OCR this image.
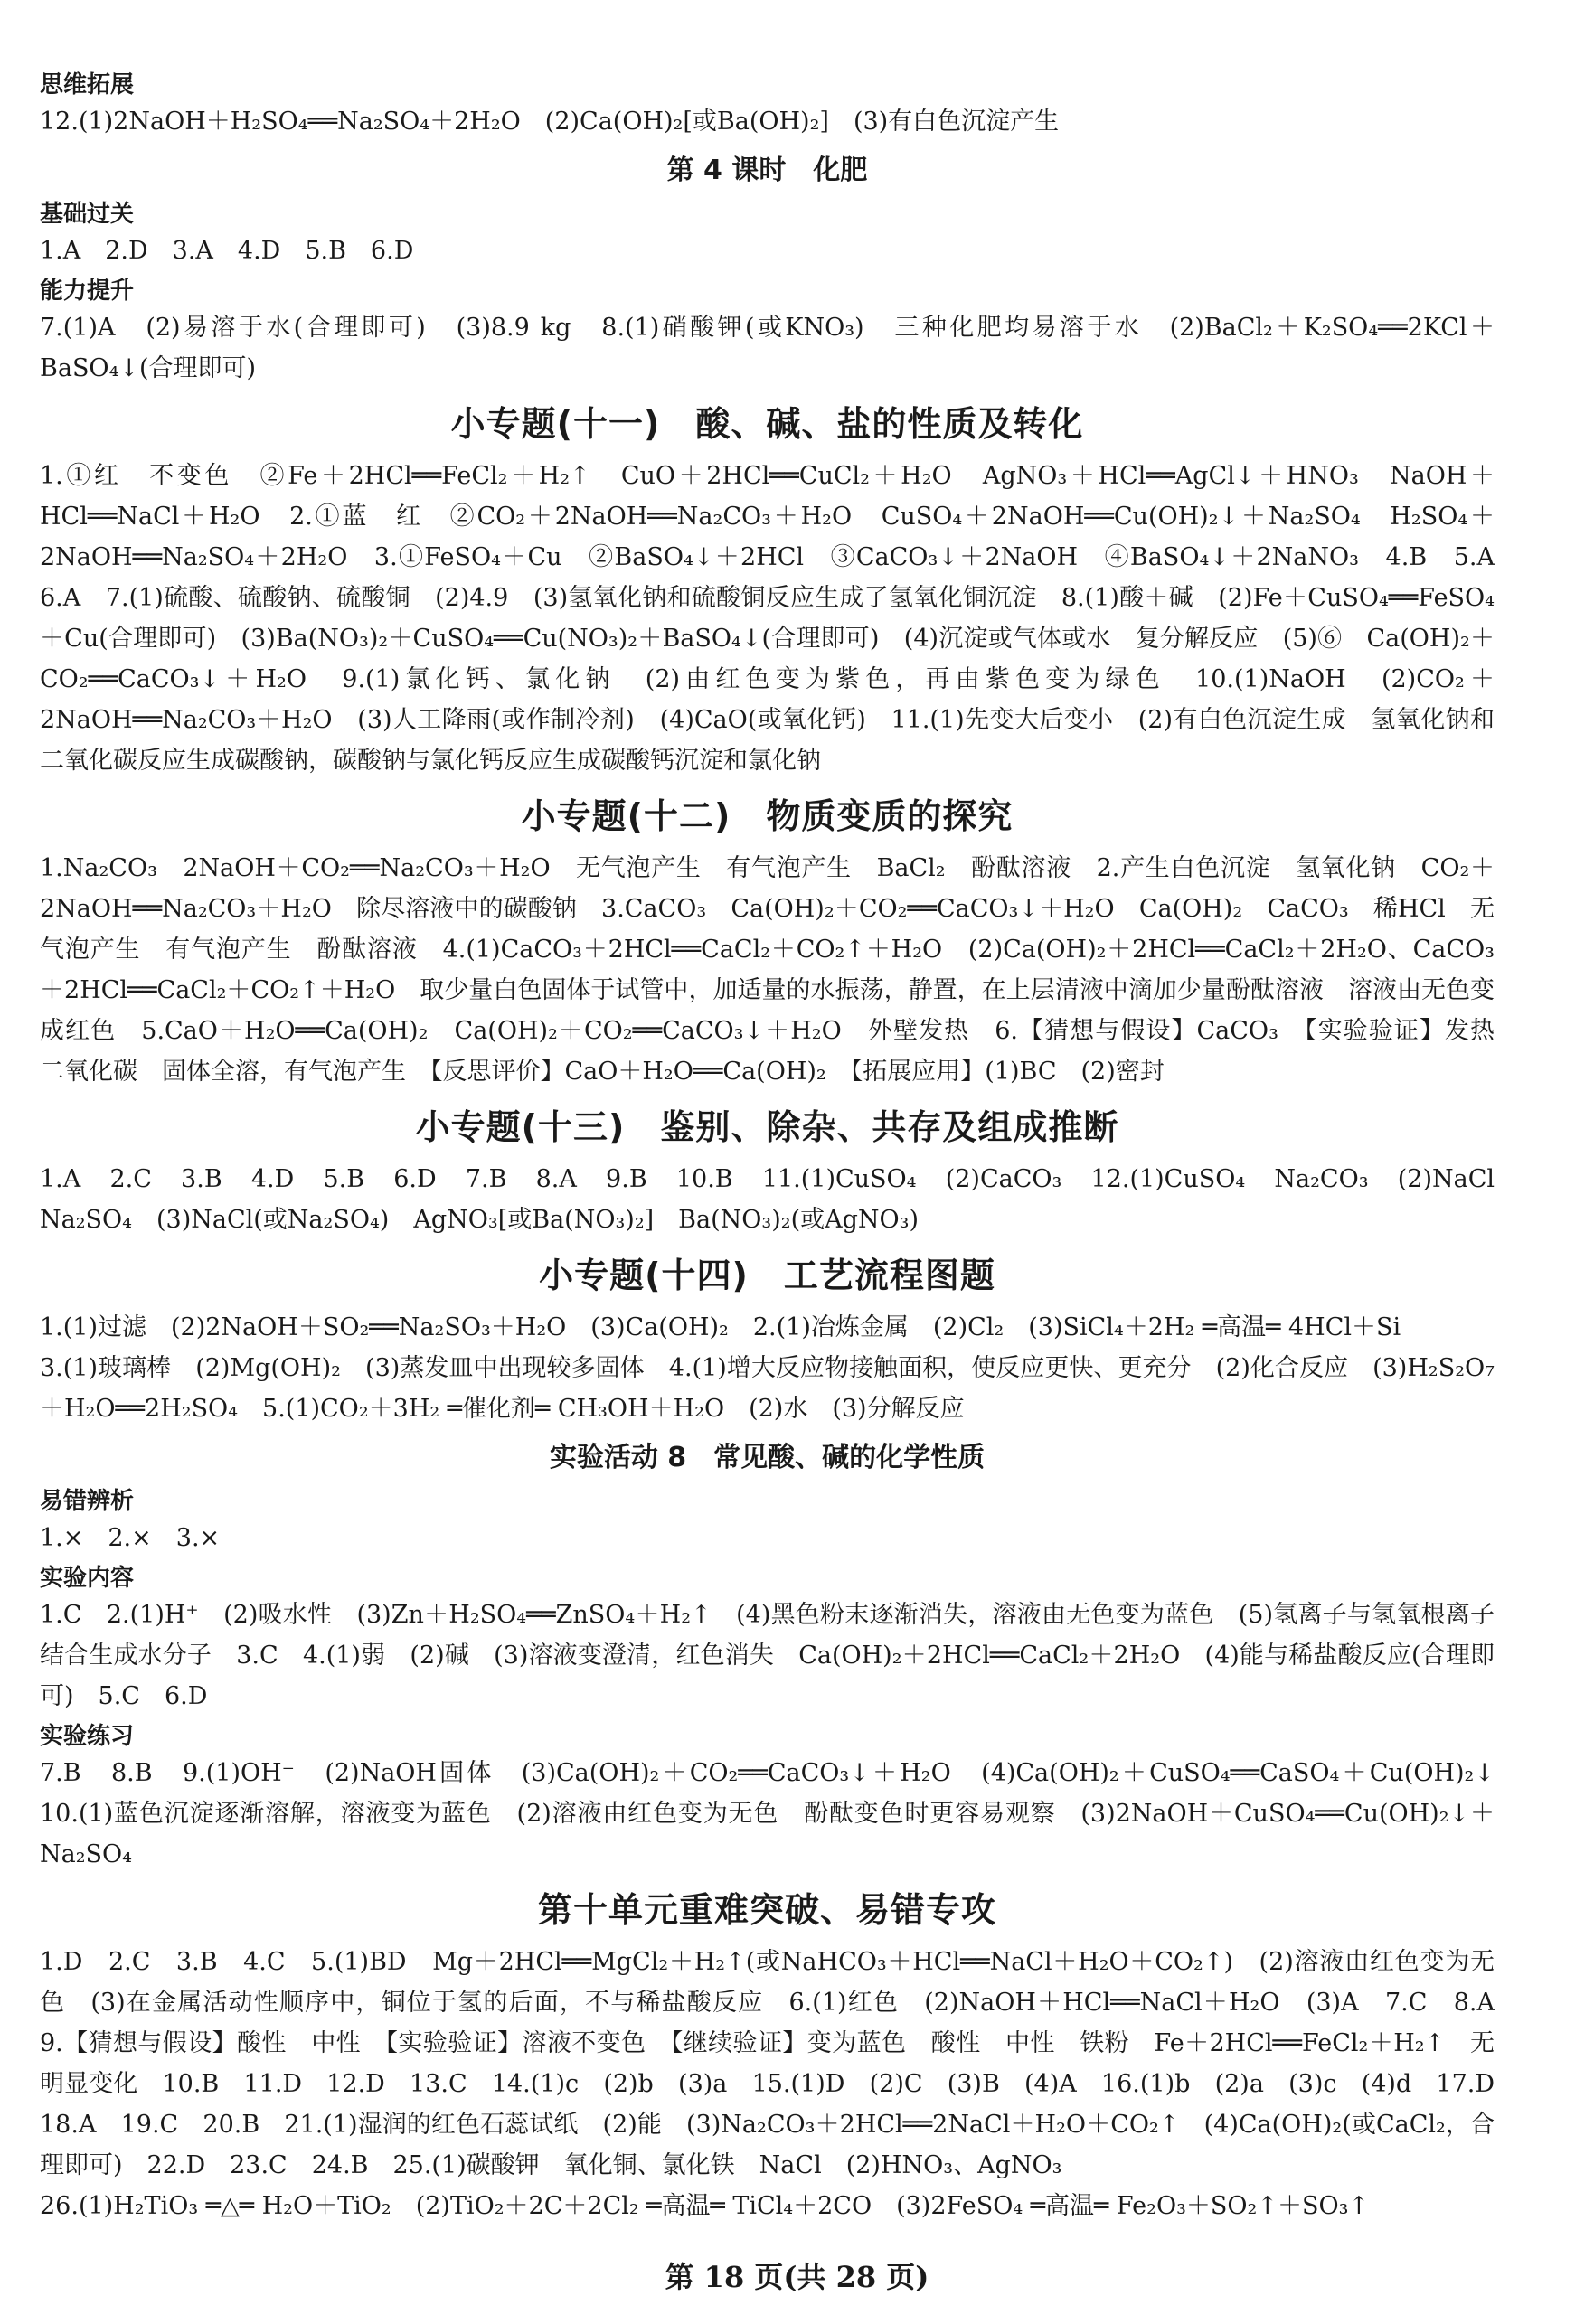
思维拓展
12.(1)2NaOH＋H₂SO₄══Na₂SO₄＋2H₂O　(2)Ca(OH)₂[或Ba(OH)₂]　(3)有白色沉淀产生
第 4 课时　化肥
基础过关
1.A　2.D　3.A　4.D　5.B　6.D
能力提升
7.(1)A　(2)易溶于水(合理即可)　(3)8.9 kg　8.(1)硝酸钾(或KNO₃)　三种化肥均易溶于水　(2)BaCl₂＋K₂SO₄══2KCl＋BaSO₄↓(合理即可)
小专题(十一)　酸、碱、盐的性质及转化
1.①红　不变色　②Fe＋2HCl══FeCl₂＋H₂↑　CuO＋2HCl══CuCl₂＋H₂O　AgNO₃＋HCl══AgCl↓＋HNO₃　NaOH＋HCl══NaCl＋H₂O　2.①蓝　红　②CO₂＋2NaOH══Na₂CO₃＋H₂O　CuSO₄＋2NaOH══Cu(OH)₂↓＋Na₂SO₄　H₂SO₄＋2NaOH══Na₂SO₄＋2H₂O　3.①FeSO₄＋Cu　②BaSO₄↓＋2HCl　③CaCO₃↓＋2NaOH　④BaSO₄↓＋2NaNO₃　4.B　5.A　6.A　7.(1)硫酸、硫酸钠、硫酸铜　(2)4.9　(3)氢氧化钠和硫酸铜反应生成了氢氧化铜沉淀　8.(1)酸＋碱　(2)Fe＋CuSO₄══FeSO₄＋Cu(合理即可)　(3)Ba(NO₃)₂＋CuSO₄══Cu(NO₃)₂＋BaSO₄↓(合理即可)　(4)沉淀或气体或水　复分解反应　(5)⑥　Ca(OH)₂＋CO₂══CaCO₃↓＋H₂O　9.(1)氯化钙、氯化钠　(2)由红色变为紫色，再由紫色变为绿色　10.(1)NaOH　(2)CO₂＋2NaOH══Na₂CO₃＋H₂O　(3)人工降雨(或作制冷剂)　(4)CaO(或氧化钙)　11.(1)先变大后变小　(2)有白色沉淀生成　氢氧化钠和二氧化碳反应生成碳酸钠，碳酸钠与氯化钙反应生成碳酸钙沉淀和氯化钠
小专题(十二)　物质变质的探究
1.Na₂CO₃　2NaOH＋CO₂══Na₂CO₃＋H₂O　无气泡产生　有气泡产生　BaCl₂　酚酞溶液　2.产生白色沉淀　氢氧化钠　CO₂＋2NaOH══Na₂CO₃＋H₂O　除尽溶液中的碳酸钠　3.CaCO₃　Ca(OH)₂＋CO₂══CaCO₃↓＋H₂O　Ca(OH)₂　CaCO₃　稀HCl　无气泡产生　有气泡产生　酚酞溶液　4.(1)CaCO₃＋2HCl══CaCl₂＋CO₂↑＋H₂O　(2)Ca(OH)₂＋2HCl══CaCl₂＋2H₂O、CaCO₃＋2HCl══CaCl₂＋CO₂↑＋H₂O　取少量白色固体于试管中，加适量的水振荡，静置，在上层清液中滴加少量酚酞溶液　溶液由无色变成红色　5.CaO＋H₂O══Ca(OH)₂　Ca(OH)₂＋CO₂══CaCO₃↓＋H₂O　外壁发热　6.【猜想与假设】CaCO₃　【实验验证】发热　二氧化碳　固体全溶，有气泡产生　【反思评价】CaO＋H₂O══Ca(OH)₂　【拓展应用】(1)BC　(2)密封
小专题(十三)　鉴别、除杂、共存及组成推断
1.A　2.C　3.B　4.D　5.B　6.D　7.B　8.A　9.B　10.B　11.(1)CuSO₄　(2)CaCO₃　12.(1)CuSO₄　Na₂CO₃　(2)NaCl　Na₂SO₄　(3)NaCl(或Na₂SO₄)　AgNO₃[或Ba(NO₃)₂]　Ba(NO₃)₂(或AgNO₃)
小专题(十四)　工艺流程图题
1.(1)过滤　(2)2NaOH＋SO₂══Na₂SO₃＋H₂O　(3)Ca(OH)₂　2.(1)冶炼金属　(2)Cl₂　(3)SiCl₄＋2H₂ ═高温═ 4HCl＋Si
3.(1)玻璃棒　(2)Mg(OH)₂　(3)蒸发皿中出现较多固体　4.(1)增大反应物接触面积，使反应更快、更充分　(2)化合反应　(3)H₂S₂O₇＋H₂O══2H₂SO₄　5.(1)CO₂＋3H₂ ═催化剂═ CH₃OH＋H₂O　(2)水　(3)分解反应
实验活动 8　常见酸、碱的化学性质
易错辨析
1.×　2.×　3.×
实验内容
1.C　2.(1)H⁺　(2)吸水性　(3)Zn＋H₂SO₄══ZnSO₄＋H₂↑　(4)黑色粉末逐渐消失，溶液由无色变为蓝色　(5)氢离子与氢氧根离子结合生成水分子　3.C　4.(1)弱　(2)碱　(3)溶液变澄清，红色消失　Ca(OH)₂＋2HCl══CaCl₂＋2H₂O　(4)能与稀盐酸反应(合理即可)　5.C　6.D
实验练习
7.B　8.B　9.(1)OH⁻　(2)NaOH固体　(3)Ca(OH)₂＋CO₂══CaCO₃↓＋H₂O　(4)Ca(OH)₂＋CuSO₄══CaSO₄＋Cu(OH)₂↓　10.(1)蓝色沉淀逐渐溶解，溶液变为蓝色　(2)溶液由红色变为无色　酚酞变色时更容易观察　(3)2NaOH＋CuSO₄══Cu(OH)₂↓＋Na₂SO₄
第十单元重难突破、易错专攻
1.D　2.C　3.B　4.C　5.(1)BD　Mg＋2HCl══MgCl₂＋H₂↑(或NaHCO₃＋HCl══NaCl＋H₂O＋CO₂↑)　(2)溶液由红色变为无色　(3)在金属活动性顺序中，铜位于氢的后面，不与稀盐酸反应　6.(1)红色　(2)NaOH＋HCl══NaCl＋H₂O　(3)A　7.C　8.A　9.【猜想与假设】酸性　中性　【实验验证】溶液不变色　【继续验证】变为蓝色　酸性　中性　铁粉　Fe＋2HCl══FeCl₂＋H₂↑　无明显变化　10.B　11.D　12.D　13.C　14.(1)c　(2)b　(3)a　15.(1)D　(2)C　(3)B　(4)A　16.(1)b　(2)a　(3)c　(4)d　17.D　18.A　19.C　20.B　21.(1)湿润的红色石蕊试纸　(2)能　(3)Na₂CO₃＋2HCl══2NaCl＋H₂O＋CO₂↑　(4)Ca(OH)₂(或CaCl₂，合理即可)　22.D　23.C　24.B　25.(1)碳酸钾　氧化铜、氯化铁　NaCl　(2)HNO₃、AgNO₃
26.(1)H₂TiO₃ ═△═ H₂O＋TiO₂　(2)TiO₂＋2C＋2Cl₂ ═高温═ TiCl₄＋2CO　(3)2FeSO₄ ═高温═ Fe₂O₃＋SO₂↑＋SO₃↑
第 18 页(共 28 页)
